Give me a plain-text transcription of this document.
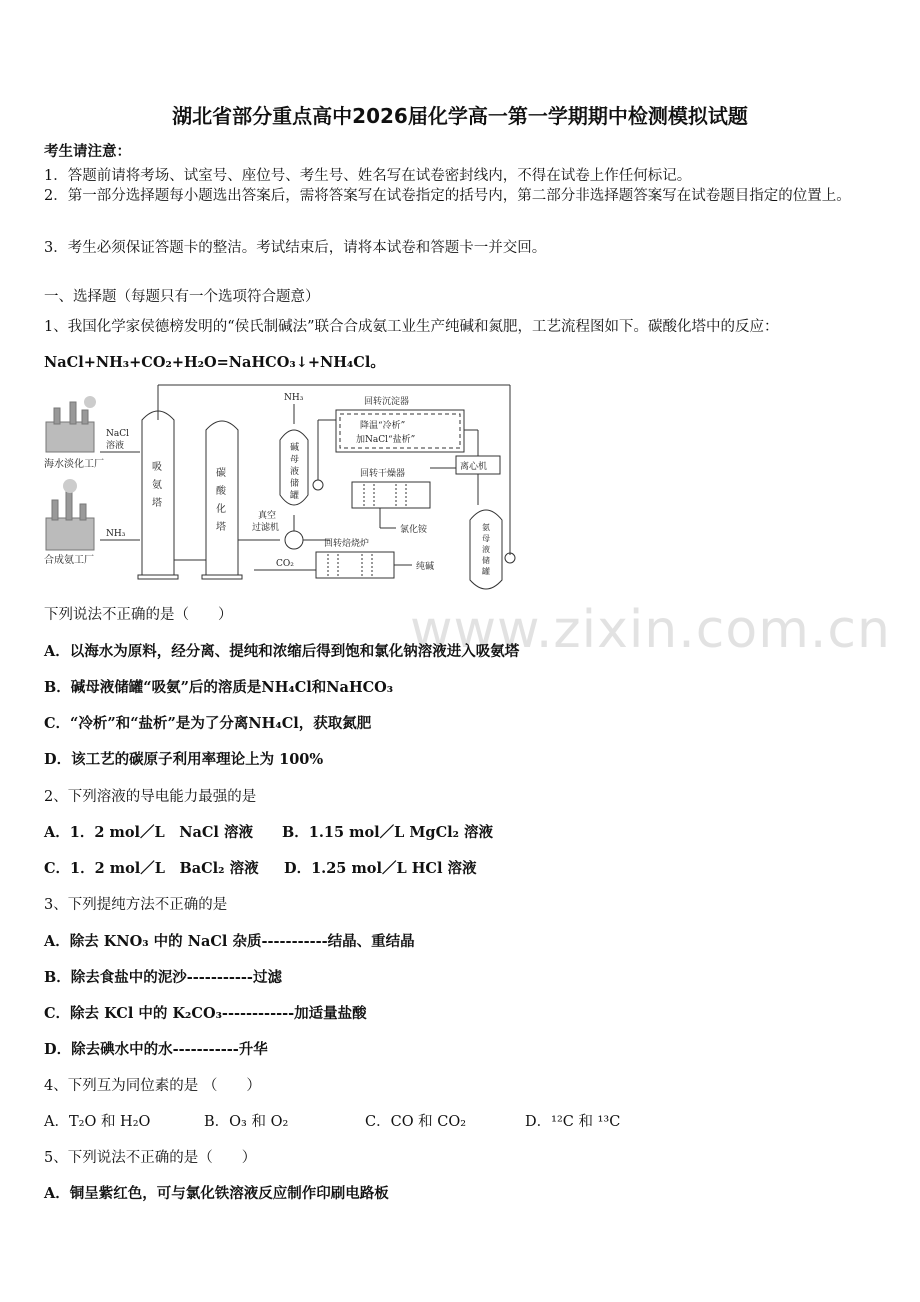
www.zixin.com.cn
湖北省部分重点高中2026届化学高一第一学期期中检测模拟试题
考生请注意：
1．答题前请将考场、试室号、座位号、考生号、姓名写在试卷密封线内，不得在试卷上作任何标记。
2．第一部分选择题每小题选出答案后，需将答案写在试卷指定的括号内，第二部分非选择题答案写在试卷题目指定的位置上。
3．考生必须保证答题卡的整洁。考试结束后，请将本试卷和答题卡一并交回。
一、选择题（每题只有一个选项符合题意）
1、我国化学家侯德榜发明的“侯氏制碱法”联合合成氨工业生产纯碱和氮肥，工艺流程图如下。碳酸化塔中的反应：
NaCl+NH₃+CO₂+H₂O=NaHCO₃↓+NH₄Cl。
海水淡化工厂
合成氨工厂
NaCl
溶液
NH₃
吸
氨
塔
碳
酸
化
塔
NH₃
碱
母
液
储
罐
回转沉淀器
降温“冷析”
加NaCl“盐析”
离心机
回转干燥器
氯化铵	氨
母
液
储
罐
真空
过滤机
回转焙烧炉
CO₂	纯碱
下列说法不正确的是（　　）
A．以海水为原料，经分离、提纯和浓缩后得到饱和氯化钠溶液进入吸氨塔
B．碱母液储罐“吸氨”后的溶质是NH₄Cl和NaHCO₃
C．“冷析”和“盐析”是为了分离NH₄Cl，获取氮肥
D．该工艺的碳原子利用率理论上为 100%
2、下列溶液的导电能力最强的是
A．1．2 mol／L　NaCl 溶液 B．1.15 mol／L MgCl₂ 溶液
C．1．2 mol／L　BaCl₂ 溶液 D．1.25 mol／L HCl 溶液
3、下列提纯方法不正确的是
A．除去 KNO₃ 中的 NaCl 杂质-----------结晶、重结晶
B．除去食盐中的泥沙-----------过滤
C．除去 KCl 中的 K₂CO₃------------加适量盐酸
D．除去碘水中的水-----------升华
4、下列互为同位素的是 （　　）
A．T₂O 和 H₂O	B．O₃ 和 O₂	C．CO 和 CO₂	D．¹²C 和 ¹³C
5、下列说法不正确的是（　　）
A．铜呈紫红色，可与氯化铁溶液反应制作印刷电路板
